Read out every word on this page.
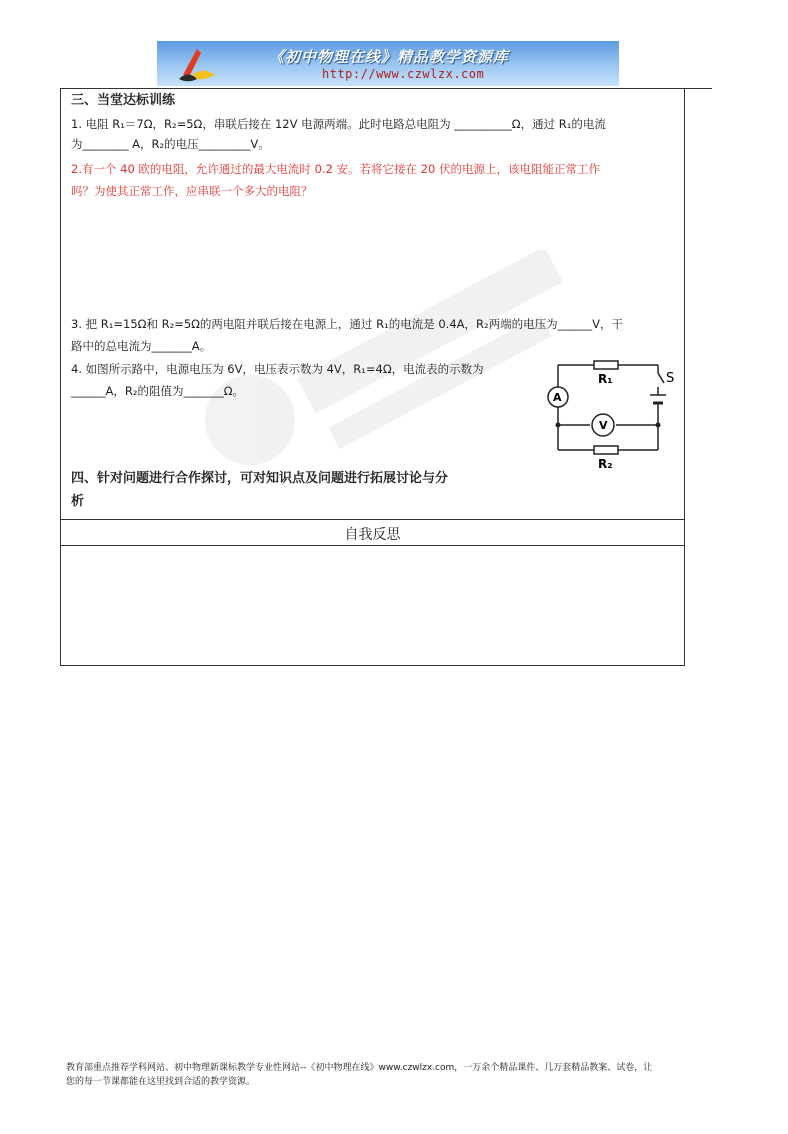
《初中物理在线》精品教学资源库
http://www.czwlzx.com
三、当堂达标训练
1. 电阻 R₁＝7Ω，R₂=5Ω，串联后接在 12V 电源两端。此时电路总电阻为 __________Ω，通过 R₁的电流
为________ A，R₂的电压_________V。
2.有一个 40 欧的电阻，允许通过的最大电流时 0.2 安。若将它接在 20 伏的电源上，该电阻能正常工作
吗？为使其正常工作，应串联一个多大的电阻？
3. 把 R₁=15Ω和 R₂=5Ω的两电阻并联后接在电源上，通过 R₁的电流是 0.4A，R₂两端的电压为______V，干
路中的总电流为_______A。
4. 如图所示路中，电源电压为 6V，电压表示数为 4V，R₁=4Ω，电流表的示数为
______A，R₂的阻值为_______Ω。
R₁
R₂
S
A
V
四、针对问题进行合作探讨，可对知识点及问题进行拓展讨论与分
析
自我反思
教育部重点推荐学科网站、初中物理新课标教学专业性网站--《初中物理在线》www.czwlzx.com，一万余个精品课件、几万套精品教案、试卷，让
您的每一节课都能在这里找到合适的教学资源。
